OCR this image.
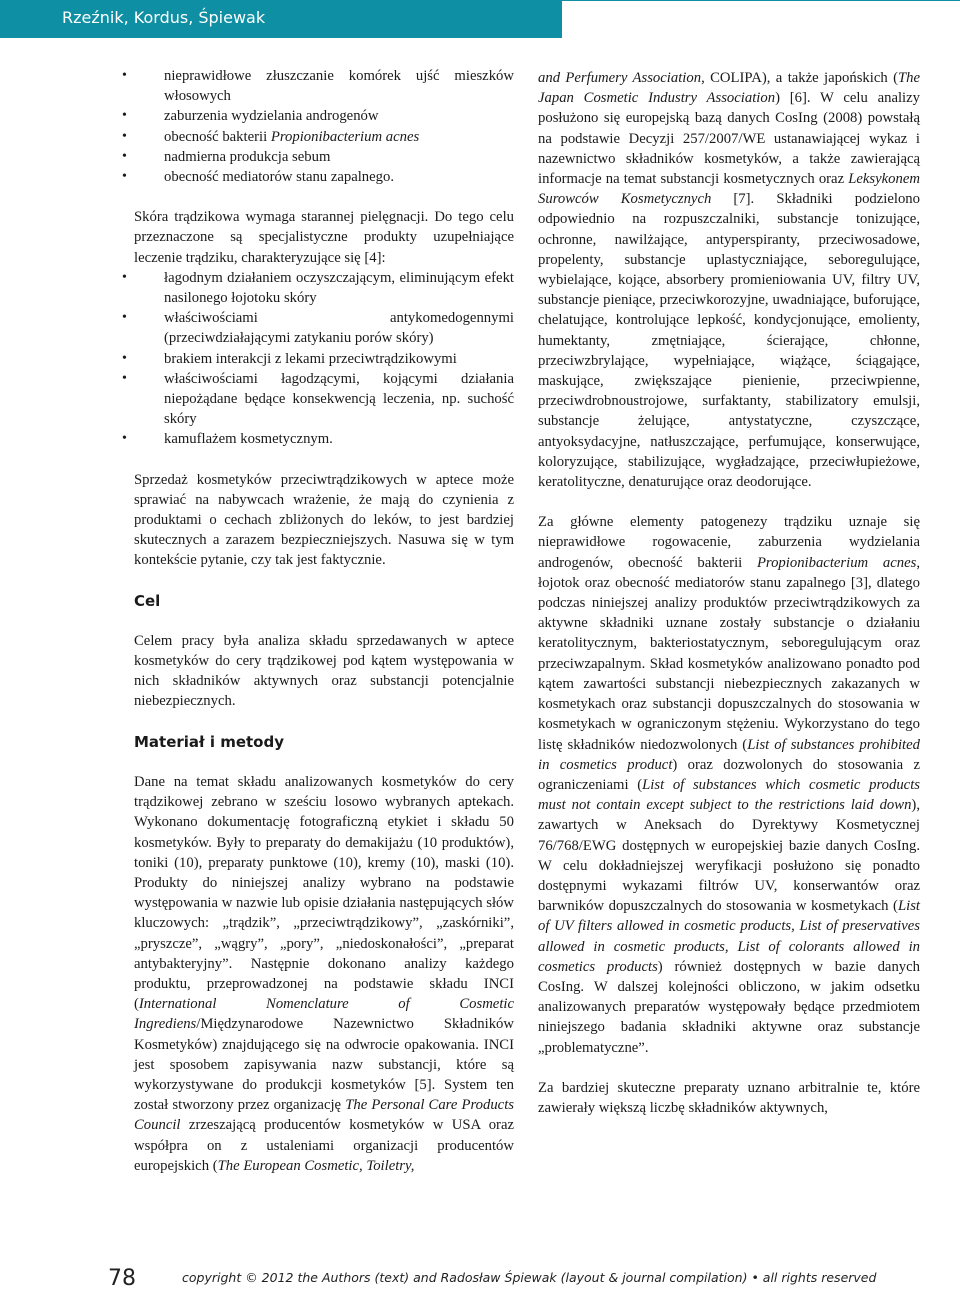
Rzeźnik, Kordus, Śpiewak
• nieprawidłowe złuszczanie komórek ujść mieszków włosowych
• zaburzenia wydzielania androgenów
• obecność bakterii Propionibacterium acnes
• nadmierna produkcja sebum
• obecność mediatorów stanu zapalnego.

Skóra trądzikowa wymaga starannej pielęgnacji. Do tego celu przeznaczone są specjalistyczne produkty uzupełniające leczenie trądziku, charakteryzujące się [4]:

• łagodnym działaniem oczyszczającym, eliminującym efekt nasilonego łojotoku skóry
• właściwościami antykomedogennymi (przeciwdziałającymi zatykaniu porów skóry)
• brakiem interakcji z lekami przeciwtrądzikowymi
• właściwościami łagodzącymi, kojącymi działania niepożądane będące konsekwencją leczenia, np. suchość skóry
• kamuflażem kosmetycznym.

Sprzedaż kosmetyków przeciwtrądzikowych w aptece może sprawiać na nabywcach wrażenie, że mają do czynienia z produktami o cechach zbliżonych do leków, to jest bardziej skutecznych a zarazem bezpieczniejszych. Nasuwa się w tym kontekście pytanie, czy tak jest faktycznie.

Cel

Celem pracy była analiza składu sprzedawanych w aptece kosmetyków do cery trądzikowej pod kątem występowania w nich składników aktywnych oraz substancji potencjalnie niebezpiecznych.

Materiał i metody

Dane na temat składu analizowanych kosmetyków do cery trądzikowej zebrano w sześciu losowo wybranych aptekach. Wykonano dokumentację fotograficzną etykiet i składu 50 kosmetyków. Były to preparaty do demakijażu (10 produktów), toniki (10), preparaty punktowe (10), kremy (10), maski (10). Produkty do niniejszej analizy wybrano na podstawie występowania w nazwie lub opisie działania następujących słów kluczowych: „trądzik”, „przeciwtrądzikowy”, „zaskórniki”, „pryszcze”, „wągry”, „pory”, „niedoskonałości”, „preparat antybakteryjny”. Następnie dokonano analizy każdego produktu, przeprowadzonej na podstawie składu INCI (International Nomenclature of Cosmetic Ingrediens/Międzynarodowe Nazewnictwo Składników Kosmetyków) znajdującego się na odwrocie opakowania. INCI jest sposobem zapisywania nazw substancji, które są wykorzystywane do produkcji kosmetyków [5]. System ten został stworzony przez organizację The Personal Care Products Council zrzeszającą producentów kosmetyków w USA oraz współpra on z ustaleniami organizacji producentów europejskich (The European Cosmetic, Toiletry,

and Perfumery Association, COLIPA), a także japońskich (The Japan Cosmetic Industry Association) [6]. W celu analizy posłużono się europejską bazą danych CosIng (2008) powstałą na podstawie Decyzji 257/2007/WE ustanawiającej wykaz i nazewnictwo składników kosmetyków, a także zawierającą informacje na temat substancji kosmetycznych oraz Leksykonem Surowców Kosmetycznych [7]. Składniki podzielono odpowiednio na rozpuszczalniki, substancje tonizujące, ochronne, nawilżające, antyperspiranty, przeciwosadowe, propelenty, substancje uplastyczniające, seboregulujące, wybielające, kojące, absorbery promieniowania UV, filtry UV, substancje pieniące, przeciwkorozyjne, uwadniające, buforujące, chelatujące, kontrolujące lepkość, kondycjonujące, emolienty, humektanty, zmętniające, ścierające, chłonne, przeciwzbrylające, wypełniające, wiążące, ściągające, maskujące, zwiększające pienienie, przeciwpienne, przeciwdrobnoustrojowe, surfaktanty, stabilizatory emulsji, substancje żelujące, antystatyczne, czyszczące, antyoksydacyjne, natłuszczające, perfumujące, konserwujące, koloryzujące, stabilizujące, wygładzające, przeciwłupieżowe, keratolityczne, denaturujące oraz deodorujące.

Za główne elementy patogenezy trądziku uznaje się nieprawidłowe rogowacenie, zaburzenia wydzielania androgenów, obecność bakterii Propionibacterium acnes, łojotok oraz obecność mediatorów stanu zapalnego [3], dlatego podczas niniejszej analizy produktów przeciwtrądzikowych za aktywne składniki uznane zostały substancje o działaniu keratolitycznym, bakteriostatycznym, seboregulującym oraz przeciwzapalnym. Skład kosmetyków analizowano ponadto pod kątem zawartości substancji niebezpiecznych zakazanych w kosmetykach oraz substancji dopuszczalnych do stosowania w kosmetykach w ograniczonym stężeniu. Wykorzystano do tego listę składników niedozwolonych (List of substances prohibited in cosmetics product) oraz dozwolonych do stosowania z ograniczeniami (List of substances which cosmetic products must not contain except subject to the restrictions laid down), zawartych w Aneksach do Dyrektywy Kosmetycznej 76/768/EWG dostępnych w europejskiej bazie danych CosIng. W celu dokładniejszej weryfikacji posłużono się ponadto dostępnymi wykazami filtrów UV, konserwantów oraz barwników dopuszczalnych do stosowania w kosmetykach (List of UV filters allowed in cosmetic products, List of preservatives allowed in cosmetic products, List of colorants allowed in cosmetics products) również dostępnych w bazie danych CosIng. W dalszej kolejności obliczono, w jakim odsetku analizowanych preparatów występowały będące przedmiotem niniejszego badania składniki aktywne oraz substancje „problematyczne”.

Za bardziej skuteczne preparaty uznano arbitralnie te, które zawierały większą liczbę składników aktywnych,

78	copyright © 2012 the Authors (text) and Radosław Śpiewak (layout & journal compilation) • all rights reserved
